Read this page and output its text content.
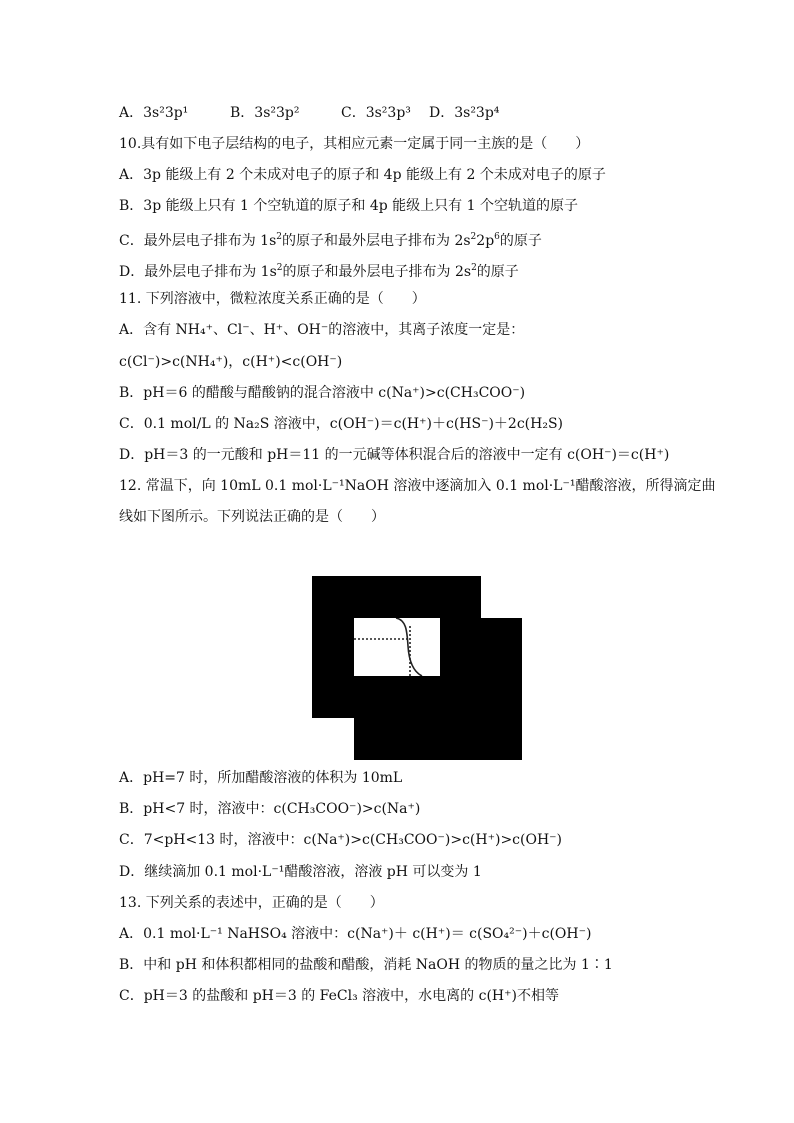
A．3s²3p¹	B．3s²3p²	C．3s²3p³ D．3s²3p⁴
10.具有如下电子层结构的电子，其相应元素一定属于同一主族的是（　　）
A．3p 能级上有 2 个未成对电子的原子和 4p 能级上有 2 个未成对电子的原子
B．3p 能级上只有 1 个空轨道的原子和 4p 能级上只有 1 个空轨道的原子
C．最外层电子排布为 $1s^2$的原子和最外层电子排布为 $2s^22p^6$的原子
D．最外层电子排布为 $1s^2$的原子和最外层电子排布为 $2s^2$的原子
11. 下列溶液中，微粒浓度关系正确的是（　　）
A．含有 NH₄⁺、Cl⁻、H⁺、OH⁻的溶液中，其离子浓度一定是：
c(Cl⁻)>c(NH₄⁺)，c(H⁺)<c(OH⁻)
B．pH＝6 的醋酸与醋酸钠的混合溶液中 c(Na⁺)>c(CH₃COO⁻)
C．0.1 mol/L 的 Na₂S 溶液中，c(OH⁻)＝c(H⁺)＋c(HS⁻)＋2c(H₂S)
D．pH＝3 的一元酸和 pH＝11 的一元碱等体积混合后的溶液中一定有 c(OH⁻)＝c(H⁺)
12. 常温下，向 10mL 0.1 mol·L⁻¹NaOH 溶液中逐滴加入 0.1 mol·L⁻¹醋酸溶液，所得滴定曲
线如下图所示。下列说法正确的是（　　）
A．pH=7 时，所加醋酸溶液的体积为 10mL
B．pH<7 时，溶液中：c(CH₃COO⁻)>c(Na⁺)
C．7<pH<13 时，溶液中：c(Na⁺)>c(CH₃COO⁻)>c(H⁺)>c(OH⁻)
D．继续滴加 0.1 mol·L⁻¹醋酸溶液，溶液 pH 可以变为 1
13. 下列关系的表述中，正确的是（　　）
A．0.1 mol·L⁻¹ NaHSO₄ 溶液中：c(Na⁺)＋ c(H⁺)＝ c(SO₄²⁻)＋c(OH⁻)
B．中和 pH 和体积都相同的盐酸和醋酸，消耗 NaOH 的物质的量之比为 1∶1
C．pH＝3 的盐酸和 pH＝3 的 FeCl₃ 溶液中，水电离的 c(H⁺)不相等
